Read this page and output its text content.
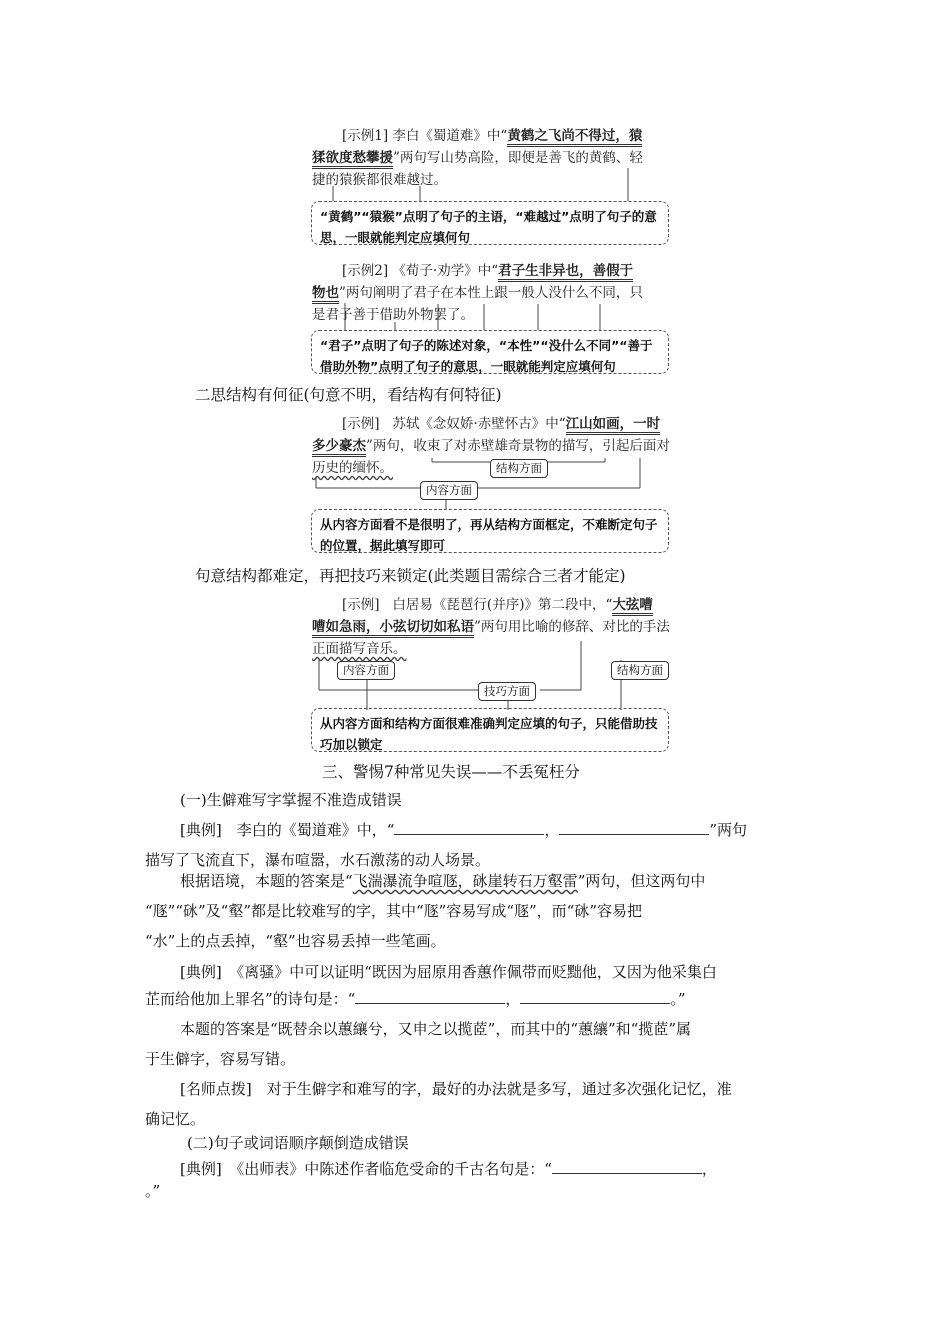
[示例1] 李白《蜀道难》中“黄鹤之飞尚不得过，猿
猱欲度愁攀援”两句写山势高险，即便是善飞的黄鹤、轻
捷的猿猴都很难越过。
“黄鹤”“猿猴”点明了句子的主语，“难越过”点明了句子的意思，一眼就能判定应填何句
[示例2] 《荀子·劝学》中“君子生非异也，善假于
物也”两句阐明了君子在本性上跟一般人没什么不同，只
是君子善于借助外物罢了。
“君子”点明了句子的陈述对象，“本性”“没什么不同”“善于借助外物”点明了句子的意思，一眼就能判定应填何句
二思结构有何征(句意不明，看结构有何特征)
[示例] 苏轼《念奴娇·赤壁怀古》中“江山如画，一时
多少豪杰”两句，收束了对赤壁雄奇景物的描写，引起后面对
历史的缅怀。	结构方面
内容方面
从内容方面看不是很明了，再从结构方面框定，不难断定句子的位置，据此填写即可
句意结构都难定，再把技巧来锁定(此类题目需综合三者才能定)
[示例] 白居易《琵琶行(并序)》第二段中，“大弦嘈
嘈如急雨，小弦切切如私语”两句用比喻的修辞、对比的手法
正面描写音乐。
内容方面	结构方面
技巧方面
从内容方面和结构方面很难准确判定应填的句子，只能借助技巧加以锁定
三、警惕7种常见失误——不丢冤枉分
(一)生僻难写字掌握不准造成错误
[典例]　李白的《蜀道难》中，“	，	”两句
描写了飞流直下，瀑布喧嚣，水石激荡的动人场景。
根据语境，本题的答案是“飞湍瀑流争喧豗，砯崖转石万壑雷”两句，但这两句中
“豗”“砯”及“壑”都是比较难写的字，其中“豗”容易写成“豗”，而“砯”容易把
“水”上的点丢掉，“壑”也容易丢掉一些笔画。
[典例]　《离骚》中可以证明“既因为屈原用香蕙作佩带而贬黜他，又因为他采集白
芷而给他加上罪名”的诗句是：“	，	。”
本题的答案是“既替余以蕙纕兮，又申之以揽茝”，而其中的“蕙纕”和“揽茝”属
于生僻字，容易写错。
[名师点拨]　对于生僻字和难写的字，最好的办法就是多写，通过多次强化记忆，准
确记忆。
(二)句子或词语顺序颠倒造成错误
[典例]　《出师表》中陈述作者临危受命的千古名句是：“	，
。”
